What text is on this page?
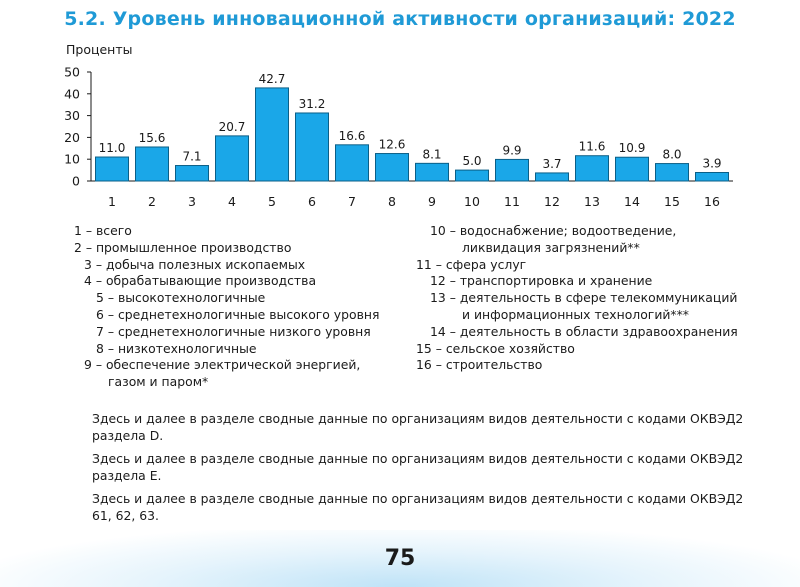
5.2. Уровень инновационной активности организаций: 2022
Проценты
0
10
20
30
40
50
11.0
1
15.6
2
7.1
3
20.7
4
42.7
5
31.2
6
16.6
7
12.6
8
8.1
9
5.0
10
9.9
11
3.7
12
11.6
13
10.9
14
8.0
15
3.9
16
1 – всего
2 – промышленное производство
3 – добыча полезных ископаемых
4 – обрабатывающие производства
5 – высокотехнологичные
6 – среднетехнологичные высокого уровня
7 – среднетехнологичные низкого уровня
8 – низкотехнологичные
9 – обеспечение электрической энергией,
газом и паром*
10 – водоснабжение; водоотведение,
ликвидация загрязнений**
11 – сфера услуг
12 – транспортировка и хранение
13 – деятельность в сфере телекоммуникаций
и информационных технологий***
14 – деятельность в области здравоохранения
15 – сельское хозяйство
16 – строительство
Здесь и далее в разделе сводные данные по организациям видов деятельности с кодами ОКВЭД2
раздела D.
Здесь и далее в разделе сводные данные по организациям видов деятельности с кодами ОКВЭД2
раздела E.
Здесь и далее в разделе сводные данные по организациям видов деятельности с кодами ОКВЭД2
61, 62, 63.
75
